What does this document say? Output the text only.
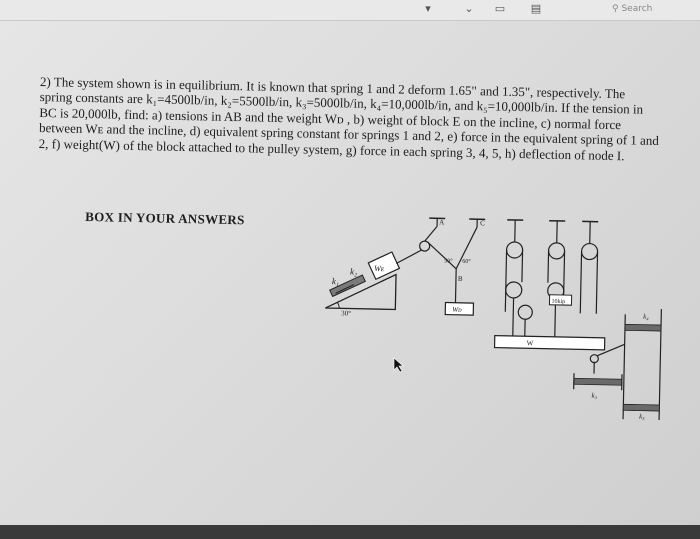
▾	⌄ ▭ ▤	⚲ Search

2) The system shown is in equilibrium. It is known that spring 1 and 2 deform 1.65" and 1.35", respectively. The spring constants are k₁=4500lb/in, k₂=5500lb/in, k₃=5000lb/in, k₄=10,000lb/in, and k₅=10,000lb/in. If the tension in BC is 20,000lb, find: a) tensions in AB and the weight Wᴅ , b) weight of block E on the incline, c) normal force between Wᴇ and the incline, d) equivalent spring constant for springs 1 and 2, e) force in the equivalent spring of 1 and 2, f) weight(W) of the block attached to the pulley system, g) force in each spring 3, 4, 5, h) deflection of node I.

BOX IN YOUR ANSWERS
k₁
k₂ Wᴇ
30°
A	C
B
50° 60°
Wᴅ
10kip
W
k₄
k₃
k₅
